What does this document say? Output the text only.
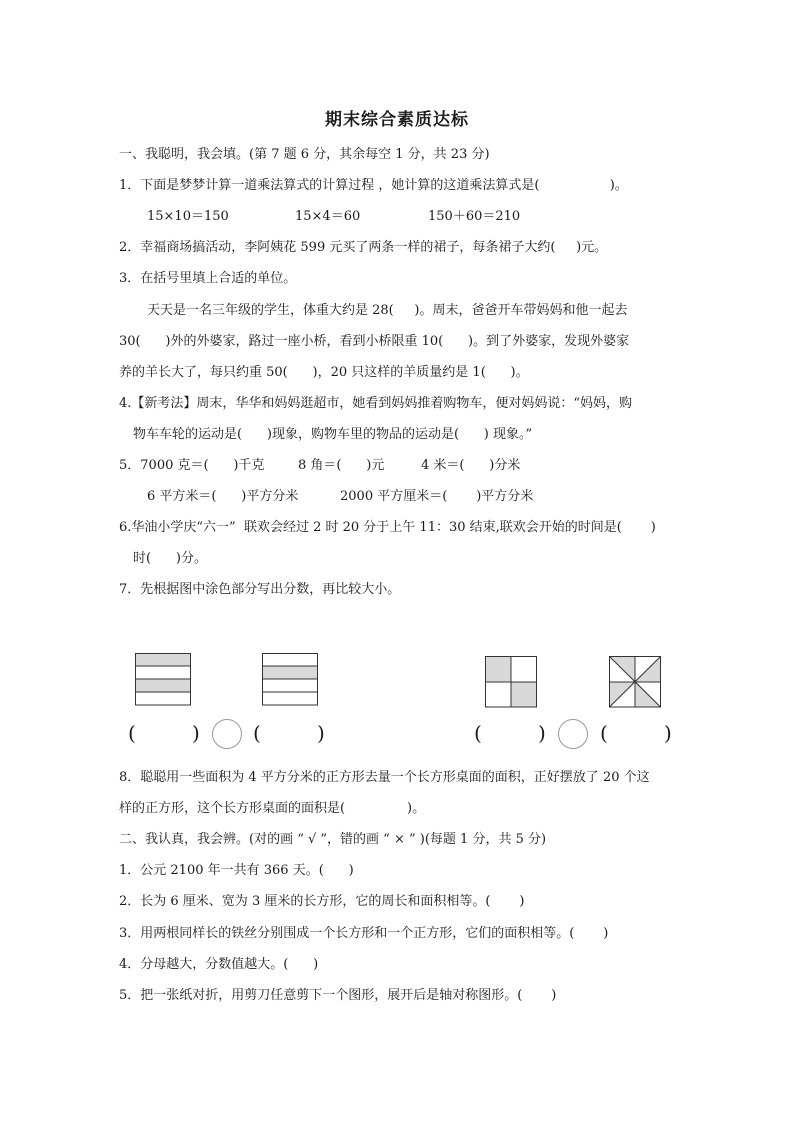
期末综合素质达标
一、我聪明，我会填。(第 7 题 6 分，其余每空 1 分，共 23 分)
1．下面是梦梦计算一道乘法算式的计算过程 ，她计算的这道乘法算式是(                 )。
15×10＝150	15×4＝60	150＋60＝210
2．幸福商场搞活动，李阿姨花 599 元买了两条一样的裙子，每条裙子大约(     )元。
3．在括号里填上合适的单位。
天天是一名三年级的学生，体重大约是 28(     )。周末，爸爸开车带妈妈和他一起去
30(      )外的外婆家，路过一座小桥，看到小桥限重 10(      )。到了外婆家，发现外婆家
养的羊长大了，每只约重 50(      )，20 只这样的羊质量约是 1(      )。
4.【新考法】周末，华华和妈妈逛超市，她看到妈妈推着购物车，便对妈妈说：“妈妈，购
物车车轮的运动是(      )现象，购物车里的物品的运动是(      ) 现象。”
5．7000 克＝(      )千克	8 角＝(      )元	4 米＝(      )分米
6 平方米＝(      )平方分米	2000 平方厘米＝(       )平方分米
6.华油小学庆“六一”  联欢会经过 2 时 20 分于上午 11：30 结束,联欢会开始的时间是(       )
时(      )分。
7．先根据图中涂色部分写出分数，再比较大小。
(	)	(	)	(	)	(	)
8．聪聪用一些面积为 4 平方分米的正方形去量一个长方形桌面的面积，正好摆放了 20 个这
样的正方形，这个长方形桌面的面积是(               )。
二、我认真，我会辨。(对的画 “ √ ”，错的画 “ × ” )(每题 1 分，共 5 分)
1．公元 2100 年一共有 366 天。(      )
2．长为 6 厘米、宽为 3 厘米的长方形，它的周长和面积相等。(       )
3．用两根同样长的铁丝分别围成一个长方形和一个正方形，它们的面积相等。(       )
4．分母越大，分数值越大。(      )
5．把一张纸对折，用剪刀任意剪下一个图形，展开后是轴对称图形。(       )
